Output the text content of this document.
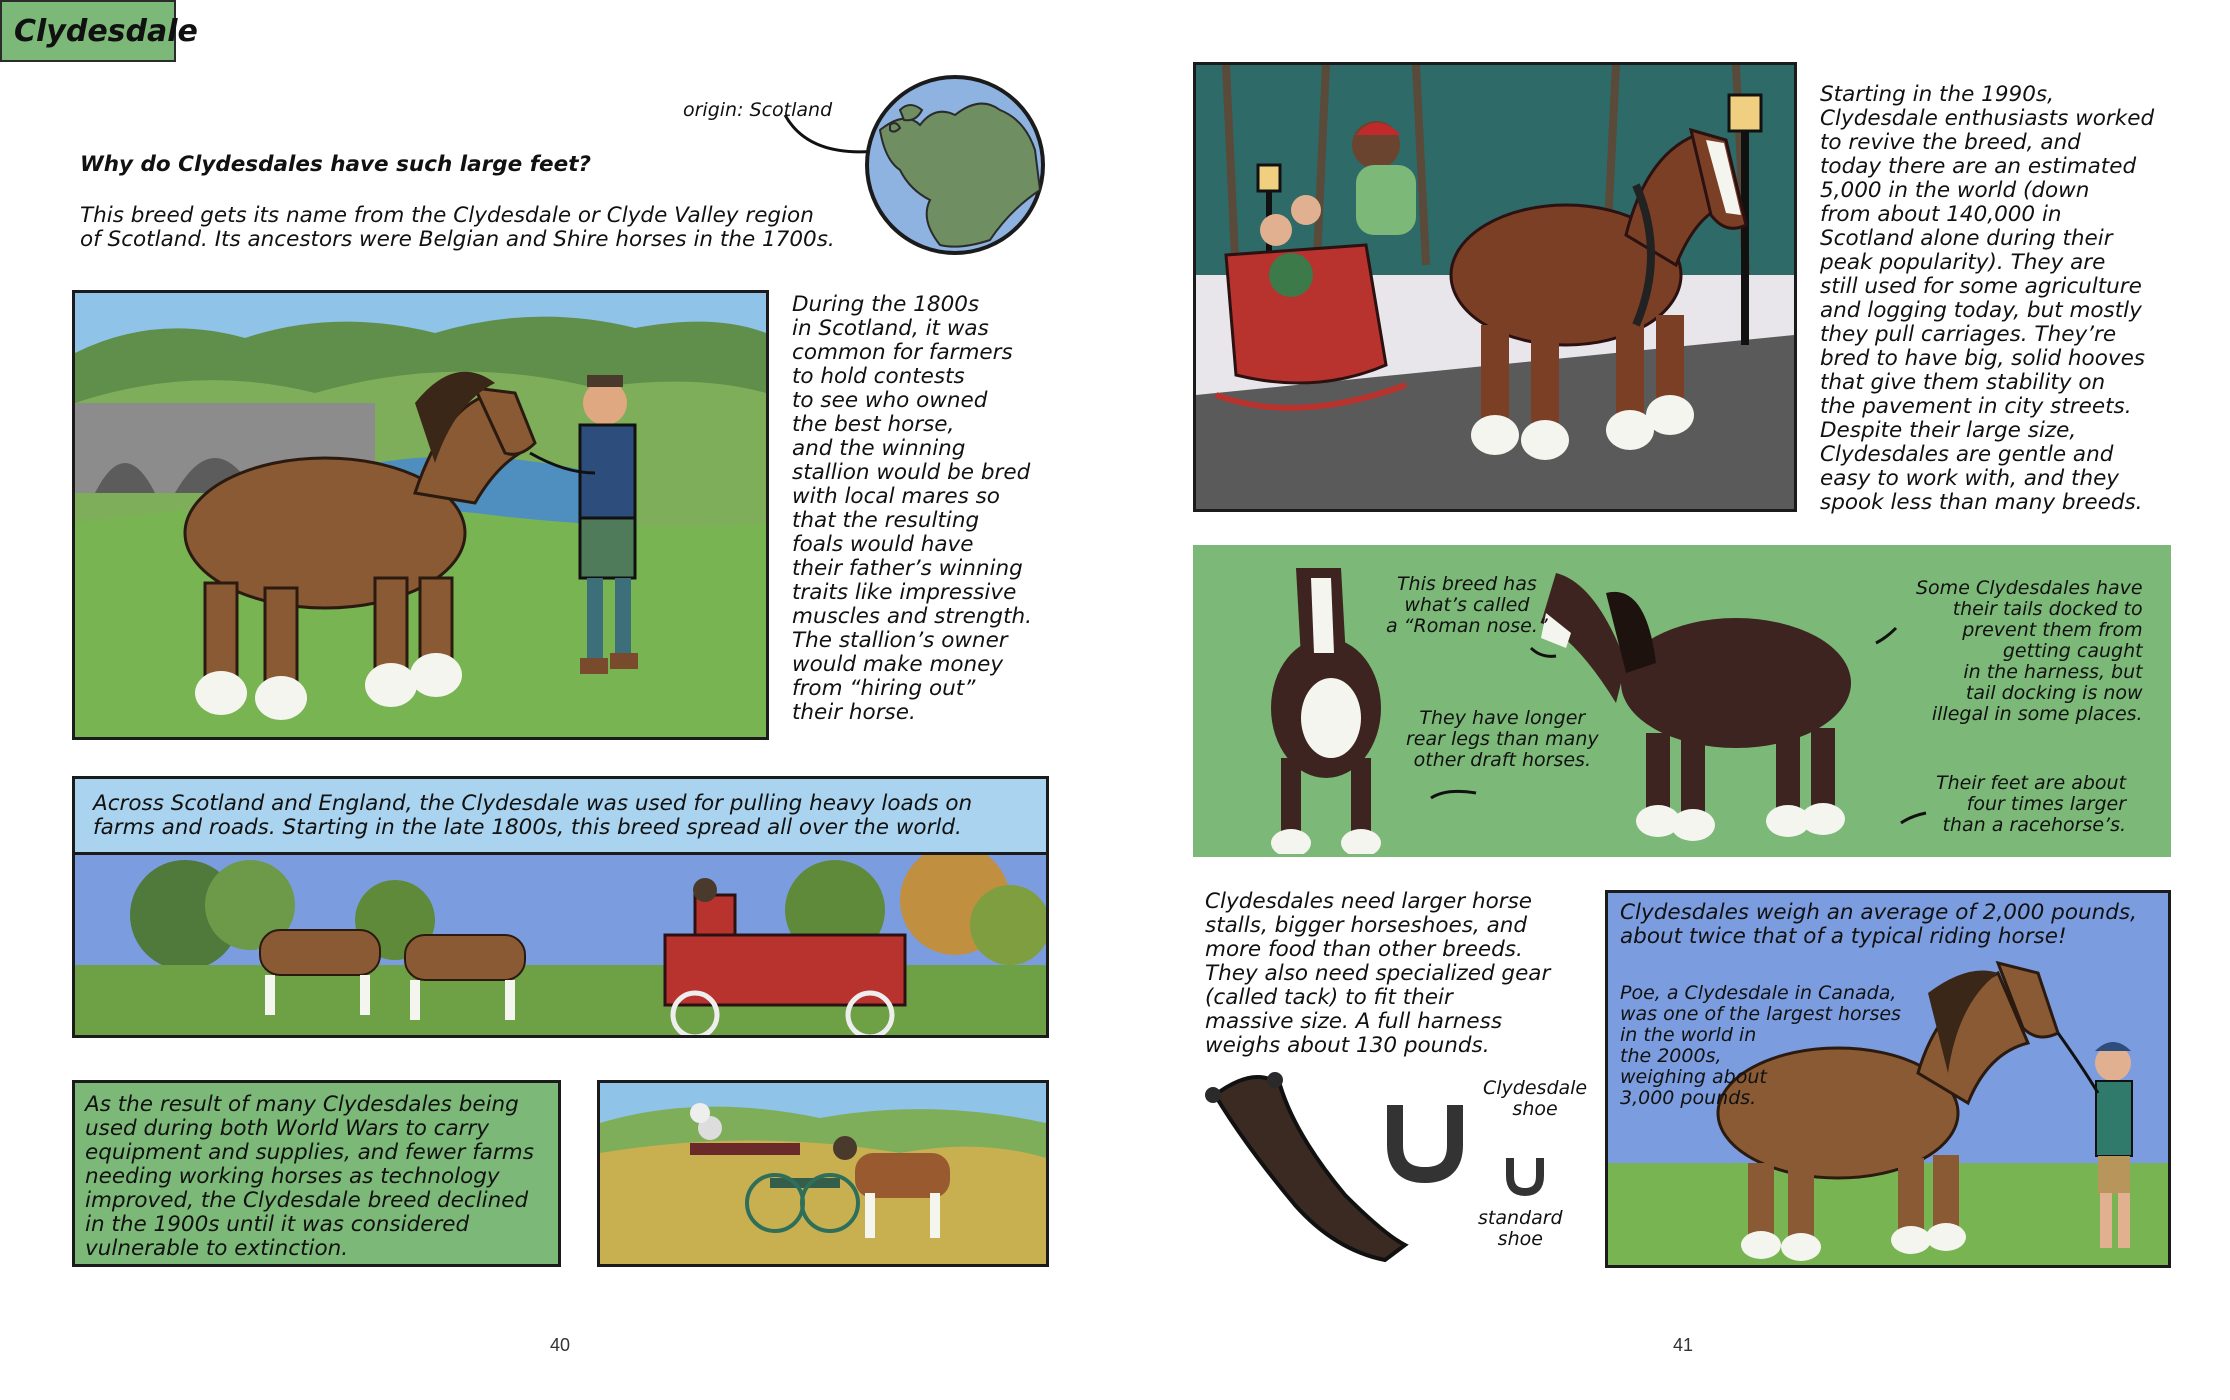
Clydesdale
origin: Scotland
Why do Clydesdales have such large feet?
This breed gets its name from the Clydesdale or Clyde Valley region
of Scotland. Its ancestors were Belgian and Shire horses in the 1700s.
During the 1800s
in Scotland, it was
common for farmers
to hold contests
to see who owned
the best horse,
and the winning
stallion would be bred
with local mares so
that the resulting
foals would have
their father’s winning
traits like impressive
muscles and strength.
The stallion’s owner
would make money
from “hiring out”
their horse.
Across Scotland and England, the Clydesdale was used for pulling heavy loads on
farms and roads. Starting in the late 1800s, this breed spread all over the world.
As the result of many Clydesdales being
used during both World Wars to carry
equipment and supplies, and fewer farms
needing working horses as technology
improved, the Clydesdale breed declined
in the 1900s until it was considered
vulnerable to extinction.
40
Starting in the 1990s,
Clydesdale enthusiasts worked
to revive the breed, and
today there are an estimated
5,000 in the world (down
from about 140,000 in
Scotland alone during their
peak popularity). They are
still used for some agriculture
and logging today, but mostly
they pull carriages. They’re
bred to have big, solid hooves
that give them stability on
the pavement in city streets.
Despite their large size,
Clydesdales are gentle and
easy to work with, and they
spook less than many breeds.
This breed has
what’s called
a “Roman nose.”
They have longer
rear legs than many
other draft horses.
Some Clydesdales have
their tails docked to
prevent them from
getting caught
in the harness, but
tail docking is now
illegal in some places.
Their feet are about
four times larger
than a racehorse’s.
Clydesdales need larger horse
stalls, bigger horseshoes, and
more food than other breeds.
They also need specialized gear
(called tack) to fit their
massive size. A full harness
weighs about 130 pounds.
Clydesdale
shoe
standard
shoe
Clydesdales weigh an average of 2,000 pounds,
about twice that of a typical riding horse!
Poe, a Clydesdale in Canada,
was one of the largest horses
in the world in
the 2000s,
weighing about
3,000 pounds.
41
